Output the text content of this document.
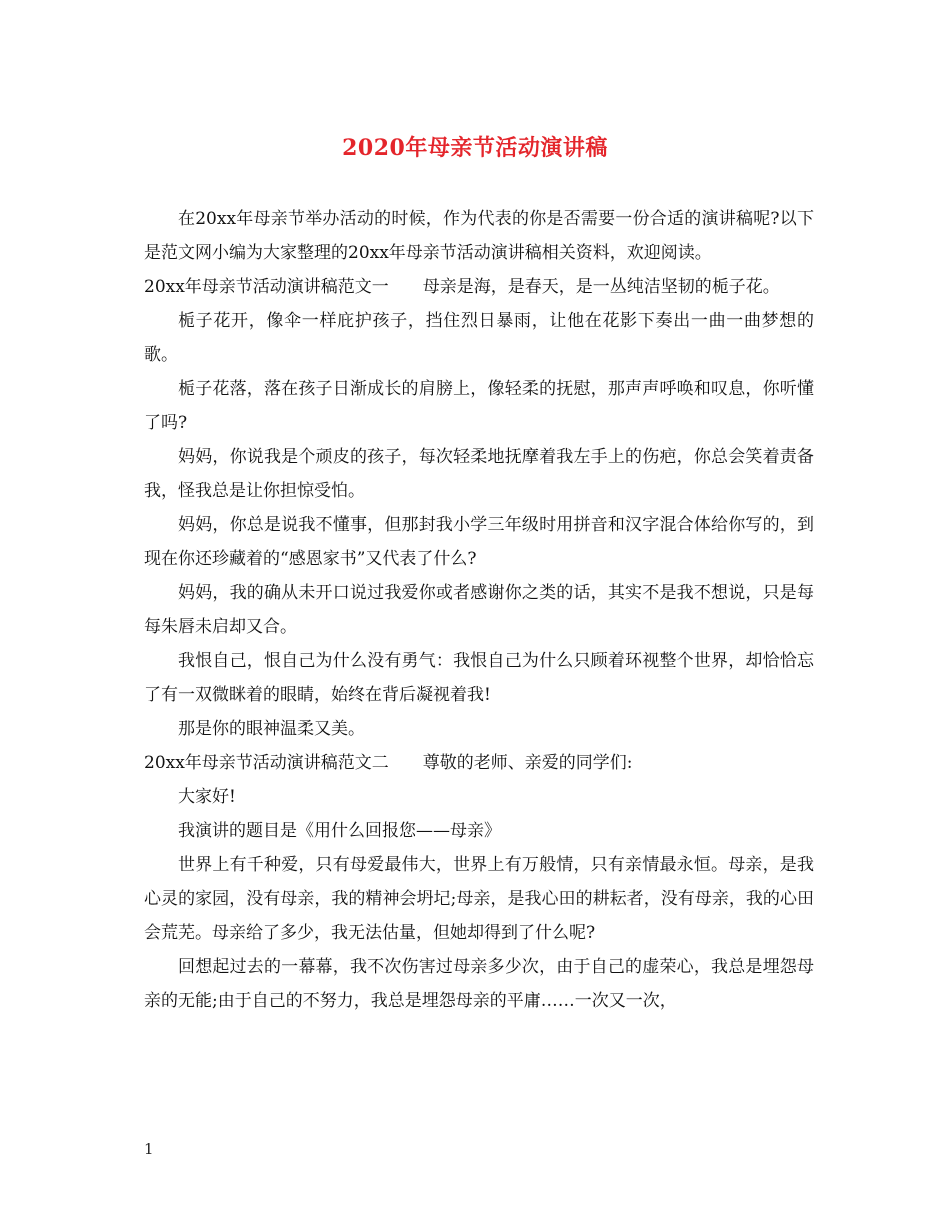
2020年母亲节活动演讲稿

在20xx年母亲节举办活动的时候，作为代表的你是否需要一份合适的演讲稿呢?以下是范文网小编为大家整理的20xx年母亲节活动演讲稿相关资料，欢迎阅读。

20xx年母亲节活动演讲稿范文一　　母亲是海，是春天，是一丛纯洁坚韧的栀子花。

栀子花开，像伞一样庇护孩子，挡住烈日暴雨，让他在花影下奏出一曲一曲梦想的歌。

栀子花落，落在孩子日渐成长的肩膀上，像轻柔的抚慰，那声声呼唤和叹息，你听懂了吗?

妈妈，你说我是个顽皮的孩子，每次轻柔地抚摩着我左手上的伤疤，你总会笑着责备我，怪我总是让你担惊受怕。

妈妈，你总是说我不懂事，但那封我小学三年级时用拼音和汉字混合体给你写的，到现在你还珍藏着的“感恩家书”又代表了什么?

妈妈，我的确从未开口说过我爱你或者感谢你之类的话，其实不是我不想说，只是每每朱唇未启却又合。

我恨自己，恨自己为什么没有勇气：我恨自己为什么只顾着环视整个世界，却恰恰忘了有一双微眯着的眼睛，始终在背后凝视着我!

那是你的眼神温柔又美。

20xx年母亲节活动演讲稿范文二　　尊敬的老师、亲爱的同学们:

大家好!

我演讲的题目是《用什么回报您——母亲》

世界上有千种爱，只有母爱最伟大，世界上有万般情，只有亲情最永恒。母亲，是我心灵的家园，没有母亲，我的精神会坍圮;母亲，是我心田的耕耘者，没有母亲，我的心田会荒芜。母亲给了多少，我无法估量，但她却得到了什么呢?

回想起过去的一幕幕，我不次伤害过母亲多少次，由于自己的虚荣心，我总是埋怨母亲的无能;由于自己的不努力，我总是埋怨母亲的平庸……一次又一次，

1
